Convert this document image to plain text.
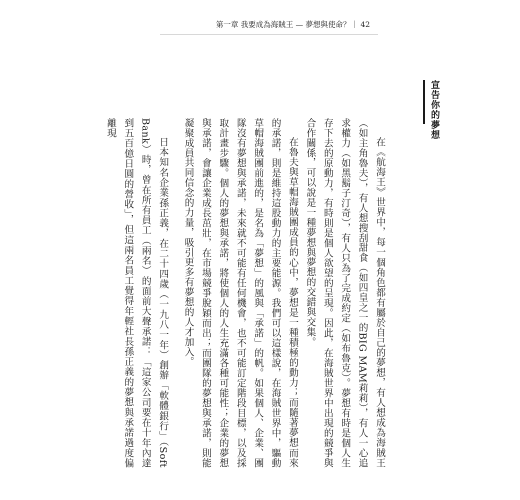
第一章 我要成為海賊王 — 夢想與使命？｜ 42
宣告你的夢想

在《航海王》世界中，每一個角色都有屬於自己的夢想，有人想成為海賊王（如主角魯夫），有人想搜刮甜食（如四皇之一的BIG MAM莉莉），有人一心追求權力（如黑鬍子汀奇），有人只為了完成約定（如布魯克）。夢想有時是個人生存下去的原動力，有時則是個人欲望的呈現。因此，在海賊世界中出現的競爭與合作關係，可以說是一種夢想與夢想的交錯與交集。

在魯夫與草帽海賊團成員的心中，夢想是一種積極的動力；而隨著夢想而來的承諾，則是維持這股動力的主要能源。我們可以這樣說，在海賊世界中，驅動草帽海賊團前進的，是名為「夢想」的風與「承諾」的帆。如果個人、企業、團隊沒有夢想與承諾，未來就不可能有任何機會，也不可能訂定階段目標，以及採取計畫步驟。個人的夢想與承諾，將使個人的人生充滿各種可能性；企業的夢想與承諾，會讓企業成長茁壯，在市場競爭脫穎而出；而團隊的夢想與承諾，則能凝聚成員共同信念的力量，吸引更多有夢想的人才加入。

日本知名企業孫正義，在二十四歲（一九八一年）創辦「軟體銀行」（Soft Bank）時，曾在所有員工（兩名）的面前大聲承諾：「這家公司要在十年內達到五百億日圓的營收」，但這兩名員工覺得年輕社長孫正義的夢想與承諾過度偏離現
